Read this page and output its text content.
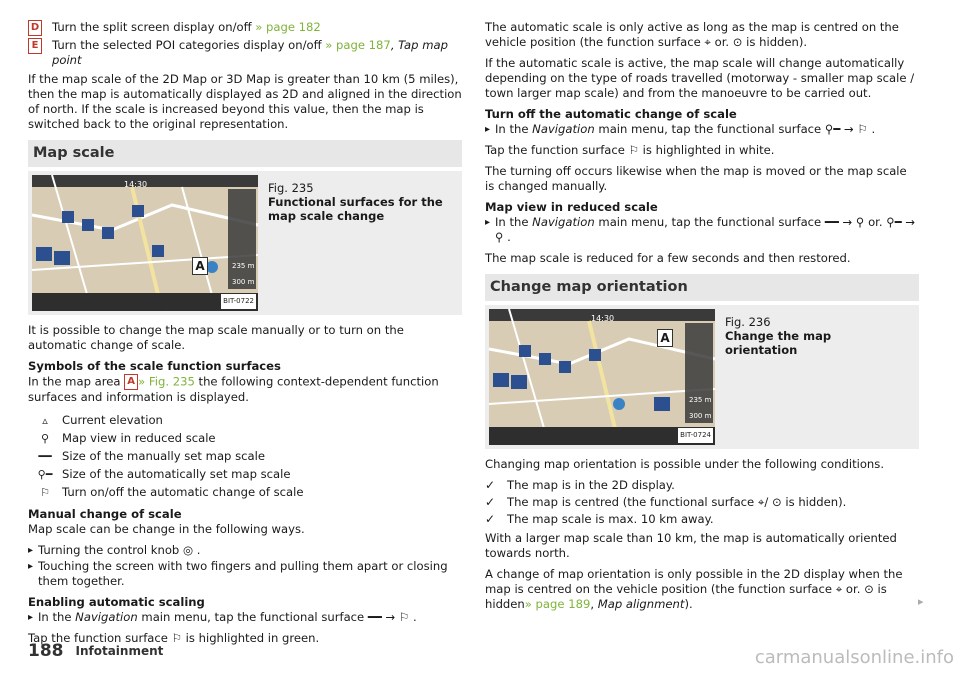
D Turn the split screen display on/off » page 182
E	Turn the selected POI categories display on/off » page 187, Tap map point

If the map scale of the 2D Map or 3D Map is greater than 10 km (5 miles), then the map is automatically displayed as 2D and aligned in the direction of north. If the scale is increased beyond this value, then the map is switched back to the original representation.

Map scale
14:30
A	235 m
300 m
BIT-0722
Fig. 235
Functional surfaces for the map scale change

It is possible to change the map scale manually or to turn on the automatic change of scale.

Symbols of the scale function surfaces

In the map area A » Fig. 235 the following context-dependent function surfaces and information is displayed.

▵	Current elevation
⚲	Map view in reduced scale
━━ Size of the manually set map scale
⚲━ Size of the automatically set map scale
⚐	Turn on/off the automatic change of scale
Manual change of scale

Map scale can be change in the following ways.

▸ Turning the control knob ◎ .
▸ Touching the screen with two fingers and pulling them apart or closing them together.
Enabling automatic scaling
▸ In the Navigation main menu, tap the functional surface ━━ → ⚐ .

Tap the function surface ⚐ is highlighted in green.

The automatic scale is only active as long as the map is centred on the vehicle position (the function surface ⌖ or. ⊙ is hidden).

If the automatic scale is active, the map scale will change automatically depending on the type of roads travelled (motorway - smaller map scale / town larger map scale) and from the manoeuvre to be carried out.

Turn off the automatic change of scale
▸ In the Navigation main menu, tap the functional surface ⚲━ → ⚐ .

Tap the function surface ⚐ is highlighted in white.

The turning off occurs likewise when the map is moved or the map scale is changed manually.

Map view in reduced scale
▸ In the Navigation main menu, tap the functional surface ━━ → ⚲ or. ⚲━ → ⚲ .

The map scale is reduced for a few seconds and then restored.

Change map orientation
14:30
A
235 m
300 m
BIT-0724
Fig. 236
Change the map orientation

Changing map orientation is possible under the following conditions.

✓	The map is in the 2D display.
✓	The map is centred (the functional surface ⌖/ ⊙ is hidden).
✓	The map scale is max. 10 km away.

With a larger map scale than 10 km, the map is automatically oriented towards north.

A change of map orientation is only possible in the 2D display when the map is centred on the vehicle position (the function surface ⌖ or. ⊙ is hidden» page 189, Map alignment).	▸
188 Infotainment	carmanualsonline.info
